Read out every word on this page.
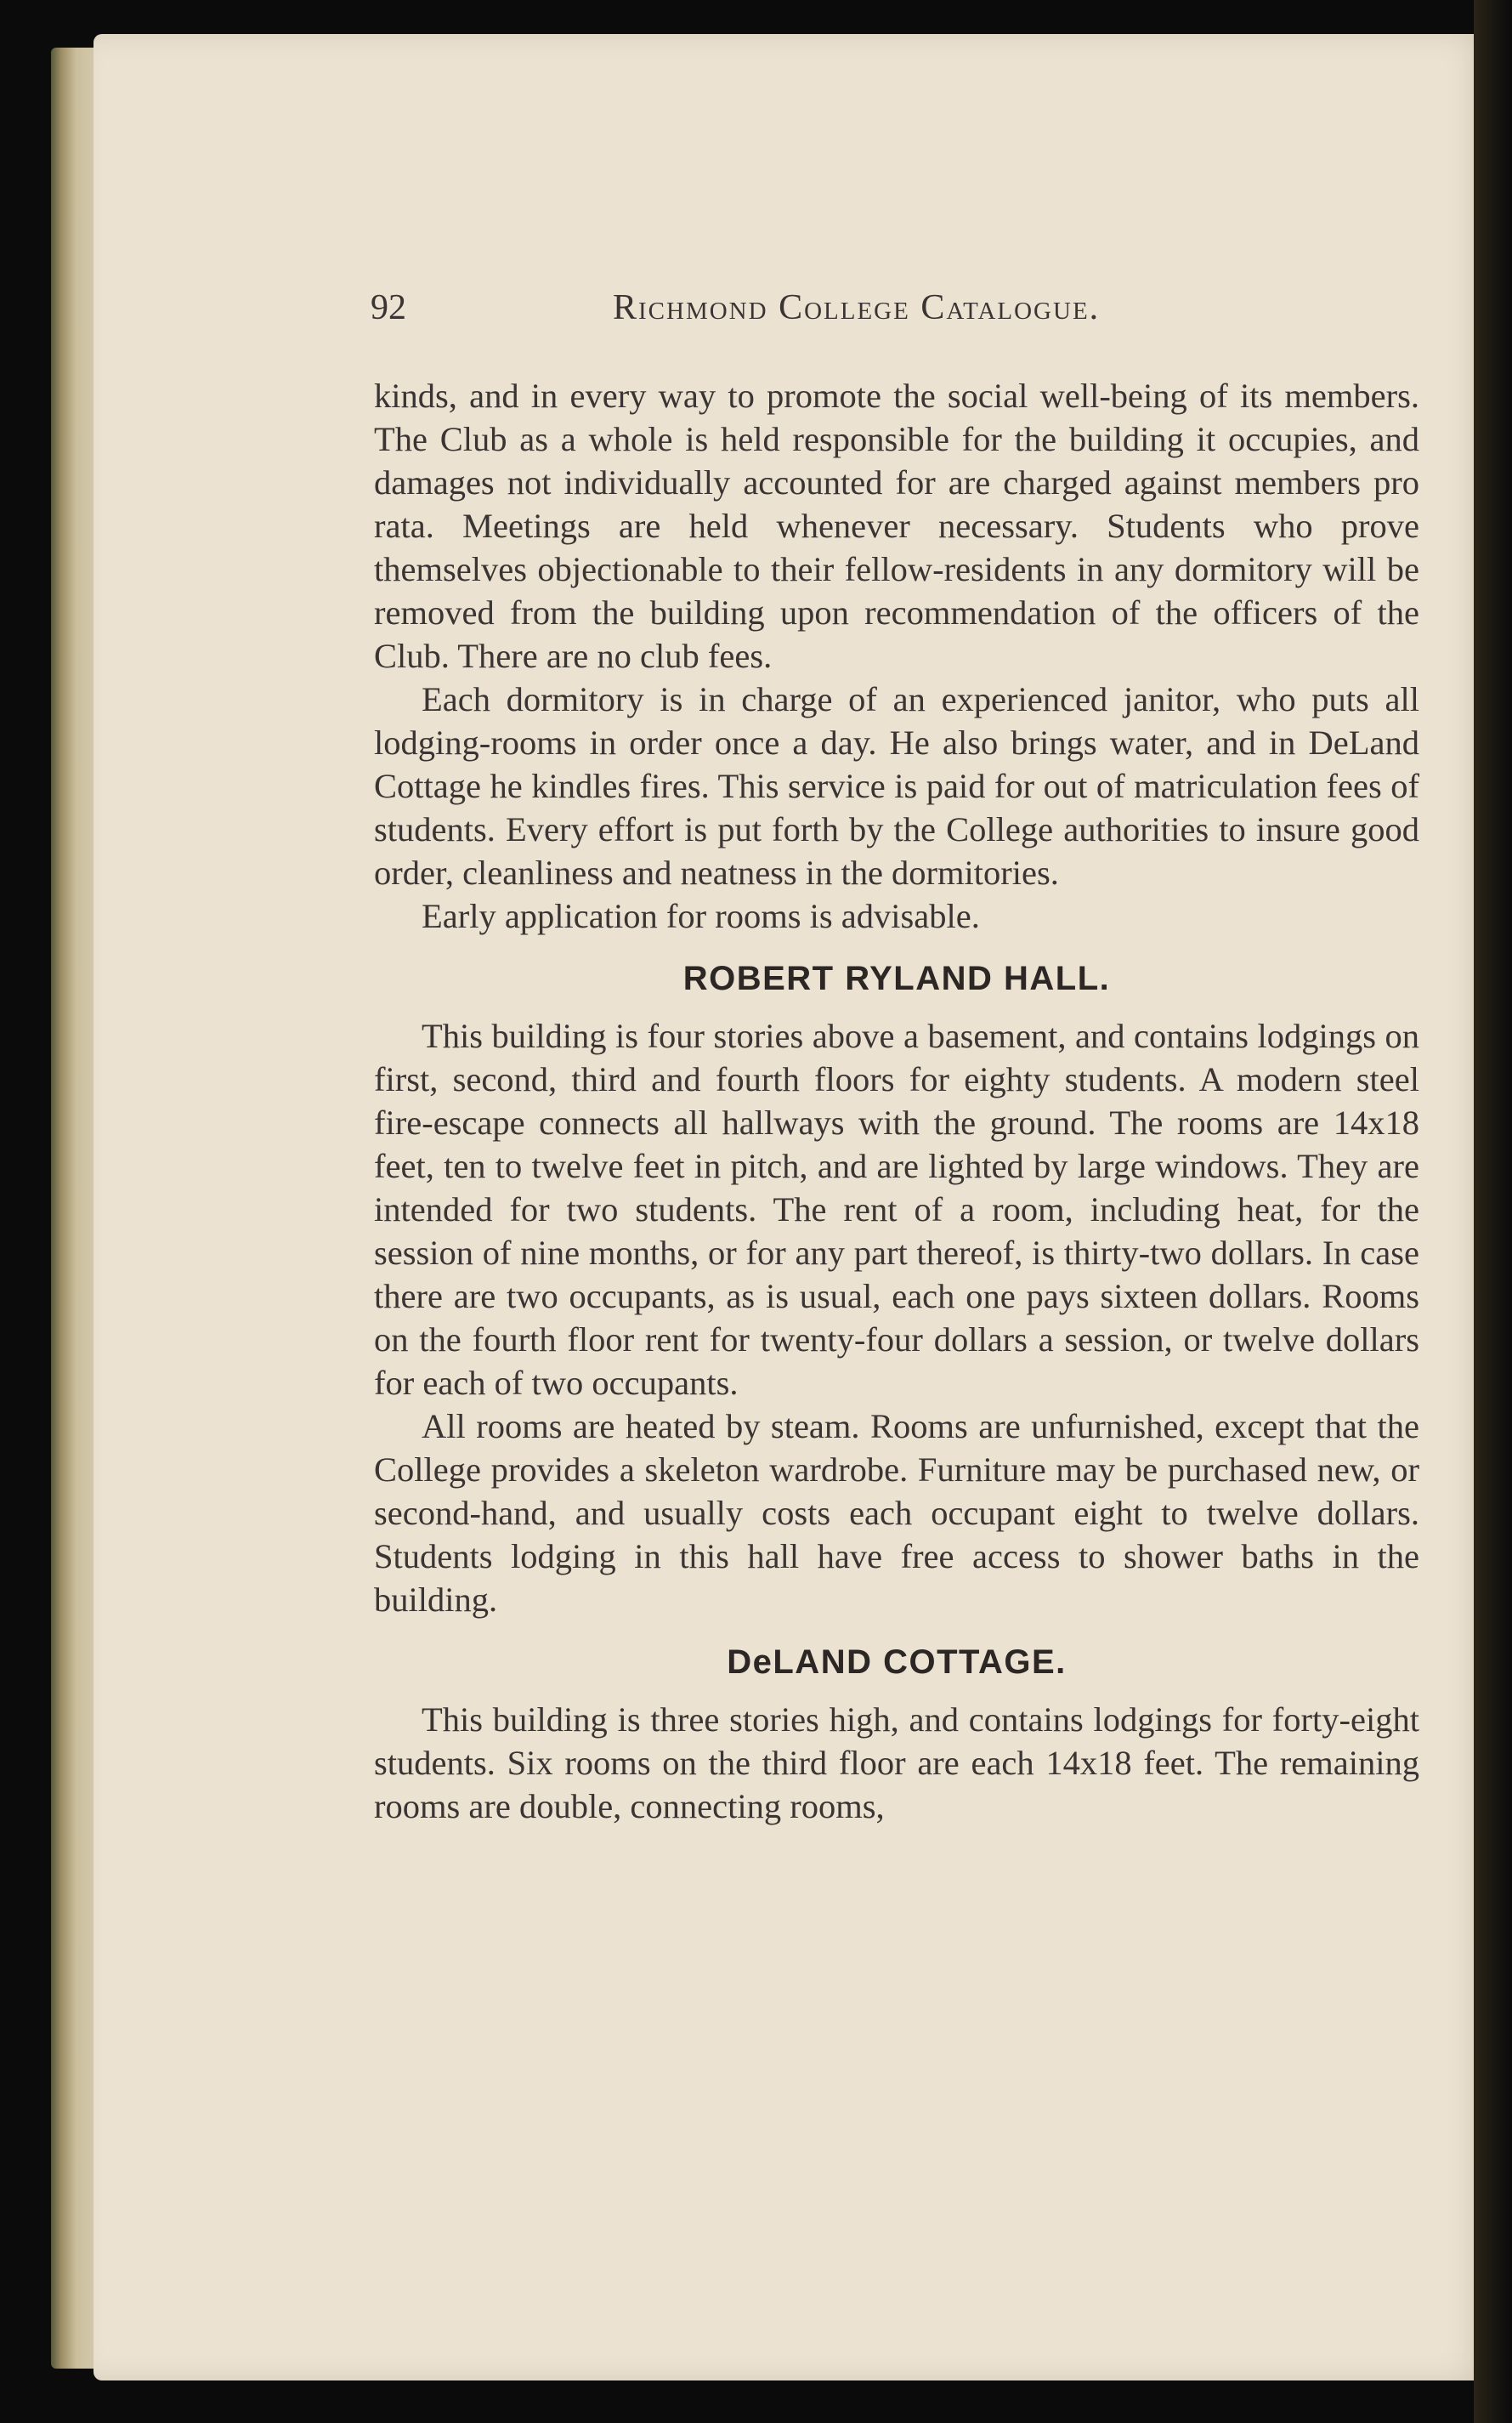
92	Richmond College Catalogue.

kinds, and in every way to promote the social well-being of its members. The Club as a whole is held responsible for the building it occupies, and damages not individually accounted for are charged against members pro rata. Meetings are held whenever necessary. Students who prove themselves objectionable to their fellow-residents in any dormitory will be removed from the building upon recommendation of the officers of the Club. There are no club fees.

Each dormitory is in charge of an experienced janitor, who puts all lodging-rooms in order once a day. He also brings water, and in DeLand Cottage he kindles fires. This service is paid for out of matriculation fees of students. Every effort is put forth by the College authorities to insure good order, cleanliness and neatness in the dormitories.

Early application for rooms is advisable.

ROBERT RYLAND HALL.

This building is four stories above a basement, and contains lodgings on first, second, third and fourth floors for eighty students. A modern steel fire-escape connects all hallways with the ground. The rooms are 14x18 feet, ten to twelve feet in pitch, and are lighted by large windows. They are intended for two students. The rent of a room, including heat, for the session of nine months, or for any part thereof, is thirty-two dollars. In case there are two occupants, as is usual, each one pays sixteen dollars. Rooms on the fourth floor rent for twenty-four dollars a session, or twelve dollars for each of two occupants.

All rooms are heated by steam. Rooms are unfurnished, except that the College provides a skeleton wardrobe. Furniture may be purchased new, or second-hand, and usually costs each occupant eight to twelve dollars. Students lodging in this hall have free access to shower baths in the building.

DeLAND COTTAGE.

This building is three stories high, and contains lodgings for forty-eight students. Six rooms on the third floor are each 14x18 feet. The remaining rooms are double, connecting rooms,
